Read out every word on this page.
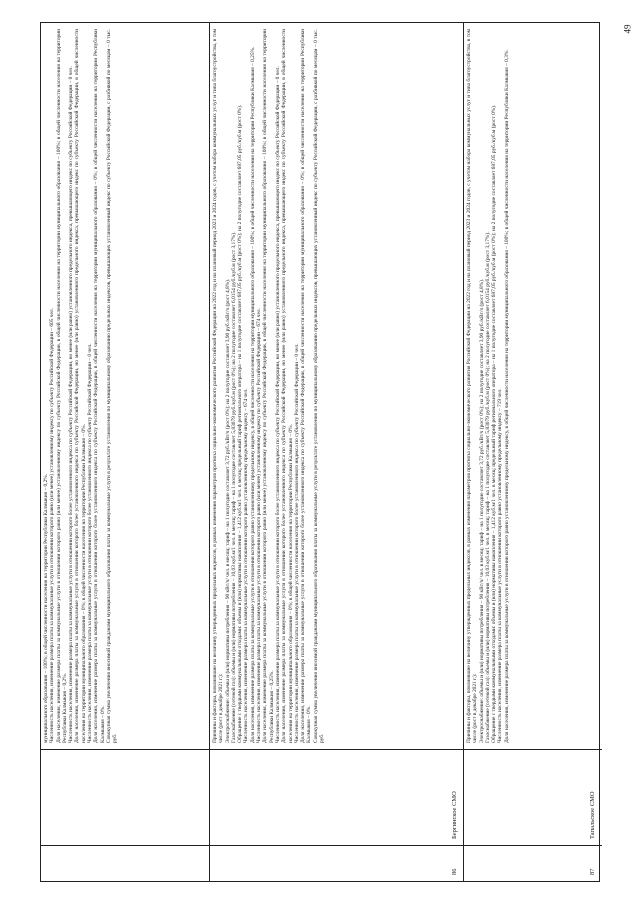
муниципального образования – 100%; в общей численности населения на территории Республики Калмыкия – 0,2%. Численность населения, изменение размера платы за коммунальные услуги в отношении которого равно (или менее) установленному индексу по субъекту Российской Федерации – 605 чел. Доля населения, изменение размера платы за коммунальные услуги в отношении которого равно (или менее) установленному индексу по субъекту Российской Федерации, в общей численности населения на территории муниципального образования – 100%; в общей численности населения на территории Республики Калмыкия – 0,2%. Численность населения, изменение размера платы за коммунальные услуги в отношении которого более установленного индекса по субъекту Российской Федерации, но менее (или равно) установленного предельного индекса, превышающего индекс по субъекту Российской Федерации – 0 чел. Доля населения, изменение размера платы за коммунальные услуги в отношении которого более установленного индекса по субъекту Российской Федерации, но менее (или равно) установленного предельного индекса, превышающего индекс по субъекту Российской Федерации, в общей численности населения на территории муниципального образования – 0%; в общей численности населения на территории Республики Калмыкия – 0%. Численность населения, изменение размера платы за коммунальные услуги в отношении которого более установленного индекса по субъекту Российской Федерации – 0 чел. Доля населения, изменение размера платы за коммунальные услуги в отношении которого более установленного индекса по субъекту Российской Федерации, в общей численности населения на территории муниципального образования – 0%; в общей численности населения на территории Республики Калмыкия – 0%. Совокупная сумма увеличения вносимой гражданами муниципального образования платы за коммунальные услуги в результате установления по муниципальному образованию предельных индексов, превышающих установленный индекс по субъекту Российской Федерации, с разбивкой по месяцам – 0 тыс. руб.

86
Бергинское СМО

Причины и факторы, повлиявшие на величину утвержденных предельных индексов, в рамках изменения параметров прогноза социально-экономического развития Российской Федерации на 2022 год и на плановый период 2023 и 2024 годов, с учетом набора коммунальных услуг и типа благоустройства, в том числе (рост в декабре 2021 г.): Электроснабжение: объемы и (или) нормативы потребления – 90 кВт/ч/ чел. в месяц; тариф – на 1 полугодие составляет 3,72 руб./кВт/ч (рост 0%); на 2 полугодие составляет 3,90 руб./кВт/ч (рост 4,8%). Газоснабжение (сетевой газ): объемы и (или) нормативы потребления – 10,03 куб.м/1 чел. в месяц; тариф – на 1 полугодие составляет 5,83079 руб./куб.м (рост 0%); на 2 полугодие составляет 6,0154 руб./куб.м (рост 3,17%). Обращение с твердыми коммунальными отходами: объемы и (или) нормативы накопления – 1,412 куб.м/1 чел. в месяц; предельный тариф регионального оператора – на 1 полугодие составляет 687,05 руб./куб.м (рост 0%); на 2 полугодие составляет 687,05 руб./куб.м (рост 0%). Численность населения, изменение размера платы за коммунальные услуги в отношении которого равно установленному предельному индексу – 674 чел. Доля населения, изменение размера платы за коммунальные услуги в отношении которого равно установленному предельному индексу, в общей численности населения на территории муниципального образования – 100%; в общей численности населения на территории Республики Калмыкия – 0,25%. Численность населения, изменение размера платы за коммунальные услуги в отношении которого равно (или менее) установленному индексу по субъекту Российской Федерации – 674 чел. Доля населения, изменение размера платы за коммунальные услуги в отношении которого равно (или менее) установленному индексу по субъекту Российской Федерации, в общей численности населения на территории муниципального образования – 100%; в общей численности населения на территории Республики Калмыкия – 0,25%. Численность населения, изменение размера платы за коммунальные услуги в отношении которого более установленного индекса по субъекту Российской Федерации, но менее (или равно) установленного предельного индекса, превышающего индекс по субъекту Российской Федерации – 0 чел. Доля населения, изменение размера платы за коммунальные услуги в отношении которого более установленного индекса по субъекту Российской Федерации, но менее (или равно) установленного предельного индекса, превышающего индекс по субъекту Российской Федерации, в общей численности населения на территории муниципального образования – 0%; в общей численности населения на территории Республики Калмыкия – 0%. Численность населения, изменение размера платы за коммунальные услуги в отношении которого более установленного индекса по субъекту Российской Федерации – 0 чел. Доля населения, изменение размера платы за коммунальные услуги в отношении которого более установленного индекса по субъекту Российской Федерации, в общей численности населения на территории муниципального образования – 0%; в общей численности населения на территории Республики Калмыкия – 0%. Совокупная сумма увеличения вносимой гражданами муниципального образования платы за коммунальные услуги в результате установления по муниципальному образованию предельных индексов, превышающих установленный индекс по субъекту Российской Федерации, с разбивкой по месяцам – 0 тыс. руб.

87
Тапальское СМО

Причины и факторы, повлиявшие на величину утвержденных предельных индексов, в рамках изменения параметров прогноза социально-экономического развития Российской Федерации на 2022 год и на плановый период 2023 и 2024 годов, с учетом набора коммунальных услуг и типа благоустройства, в том числе (рост в декабре 2021 г.): Электроснабжение: объемы и (или) нормативы потребления – 90 кВт/ч/ чел. в месяц; тариф – на 1 полугодие составляет 3,72 руб./кВт/ч (рост 0%); на 2 полугодие составляет 3,90 руб./кВт/ч (рост 4,8%). Газоснабжение (сетевой газ): объемы и (или) нормативы потребления – 10,03 куб.м/1 чел. в месяц; тариф – на 1 полугодие составляет 5,83079 руб./куб.м (рост 0%); на 2 полугодие составляет 6,0154 руб./куб.м (рост 3,17%). Обращение с твердыми коммунальными отходами: объемы и (или) нормативы накопления – 1,412 куб.м/1 чел. в месяц; предельный тариф регионального оператора – на 1 полугодие составляет 687,05 руб./куб.м (рост 0%); на 2 полугодие составляет 687,05 руб./куб.м (рост 0%). Численность населения, изменение размера платы за коммунальные услуги в отношении которого равно установленному предельному индексу – 719 чел. Доля населения, изменение размера платы за коммунальные услуги в отношении которого равно установленному предельному индексу, в общей численности населения на территории муниципального образования – 100%; в общей численности населения на территории Республики Калмыкия – 0,3%.

49
